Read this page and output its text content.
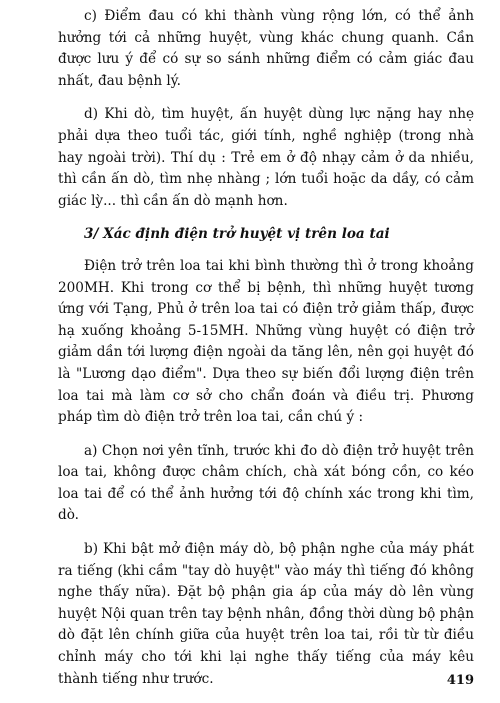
c) Điểm đau có khi thành vùng rộng lớn, có thể ảnh hưởng tới cả những huyệt, vùng khác chung quanh. Cần được lưu ý để có sự so sánh những điểm có cảm giác đau nhất, đau bệnh lý.

d) Khi dò, tìm huyệt, ấn huyệt dùng lực nặng hay nhẹ phải dựa theo tuổi tác, giới tính, nghề nghiệp (trong nhà hay ngoài trời). Thí dụ : Trẻ em ở độ nhạy cảm ở da nhiều, thì cần ấn dò, tìm nhẹ nhàng ; lớn tuổi hoặc da dầy, có cảm giác lỳ... thì cần ấn dò mạnh hơn.

3/ Xác định điện trở huyệt vị trên loa tai

Điện trở trên loa tai khi bình thường thì ở trong khoảng 200MH. Khi trong cơ thể bị bệnh, thì những huyệt tương ứng với Tạng, Phủ ở trên loa tai có điện trở giảm thấp, được hạ xuống khoảng 5-15MH. Những vùng huyệt có điện trở giảm dần tới lượng điện ngoài da tăng lên, nên gọi huyệt đó là "Lương dạo điểm". Dựa theo sự biến đổi lượng điện trên loa tai mà làm cơ sở cho chẩn đoán và điều trị. Phương pháp tìm dò điện trở trên loa tai, cần chú ý :

a) Chọn nơi yên tĩnh, trước khi đo dò điện trở huyệt trên loa tai, không được châm chích, chà xát bóng cồn, co kéo loa tai để có thể ảnh hưởng tới độ chính xác trong khi tìm, dò.

b) Khi bật mở điện máy dò, bộ phận nghe của máy phát ra tiếng (khi cầm "tay dò huyệt" vào máy thì tiếng đó không nghe thấy nữa). Đặt bộ phận gia áp của máy dò lên vùng huyệt Nội quan trên tay bệnh nhân, đồng thời dùng bộ phận dò đặt lên chính giữa của huyệt trên loa tai, rồi từ từ điều chỉnh máy cho tới khi lại nghe thấy tiếng của máy kêu thành tiếng như trước.	419
